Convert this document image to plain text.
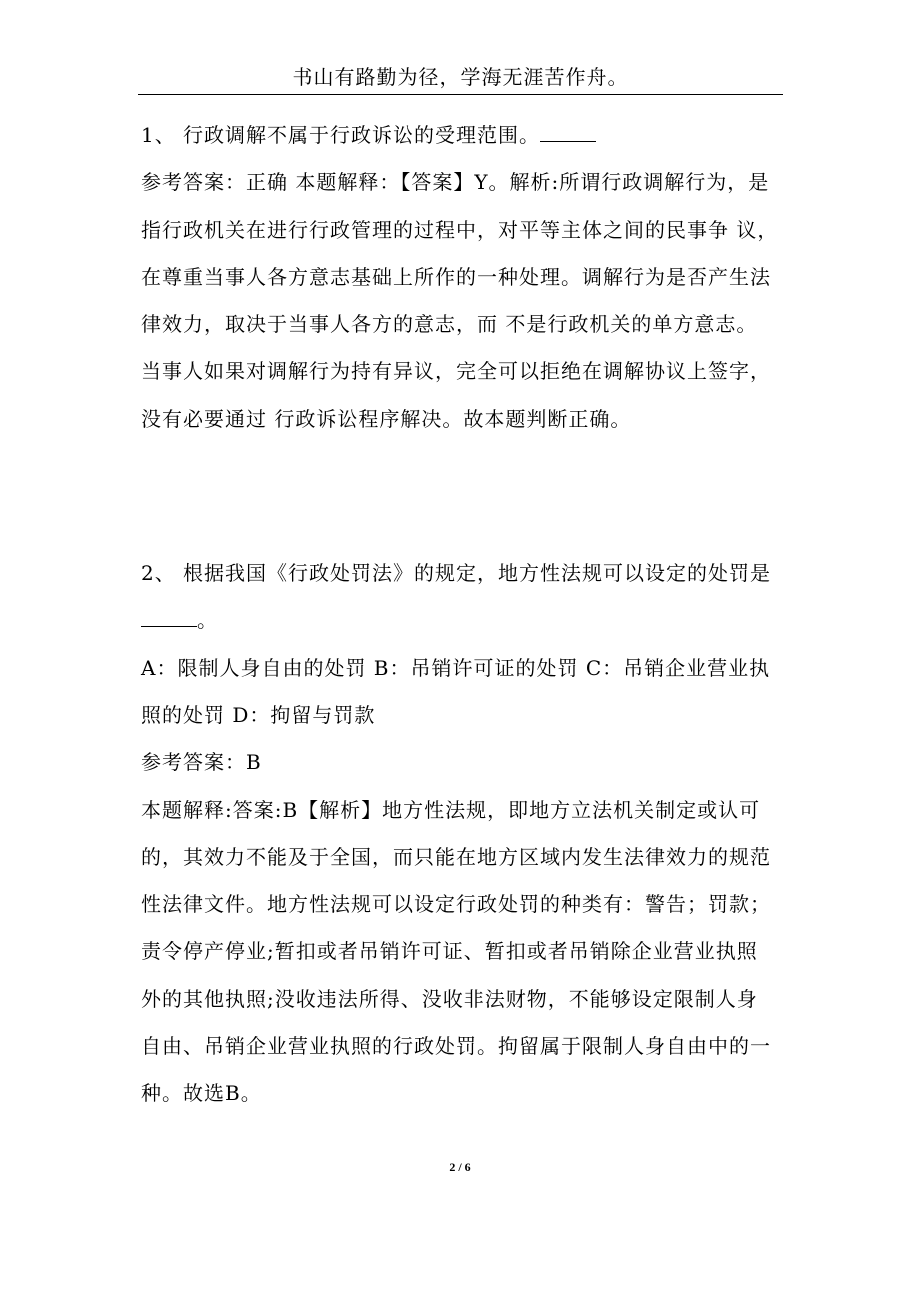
书山有路勤为径，学海无涯苦作舟。
1、 行政调解不属于行政诉讼的受理范围。
参考答案：正确 本题解释：【答案】Y。解析:所谓行政调解行为，是
指行政机关在进行行政管理的过程中，对平等主体之间的民事争 议，
在尊重当事人各方意志基础上所作的一种处理。调解行为是否产生法
律效力，取决于当事人各方的意志，而 不是行政机关的单方意志。
当事人如果对调解行为持有异议，完全可以拒绝在调解协议上签字，
没有必要通过 行政诉讼程序解决。故本题判断正确。
2、 根据我国《行政处罚法》的规定，地方性法规可以设定的处罚是
。
A：限制人身自由的处罚 B：吊销许可证的处罚 C：吊销企业营业执
照的处罚 D：拘留与罚款
参考答案：B
本题解释:答案:B【解析】地方性法规，即地方立法机关制定或认可
的，其效力不能及于全国，而只能在地方区域内发生法律效力的规范
性法律文件。地方性法规可以设定行政处罚的种类有：警告；罚款；
责令停产停业;暂扣或者吊销许可证、暂扣或者吊销除企业营业执照
外的其他执照;没收违法所得、没收非法财物，不能够设定限制人身
自由、吊销企业营业执照的行政处罚。拘留属于限制人身自由中的一
种。故选B。
2 / 6
